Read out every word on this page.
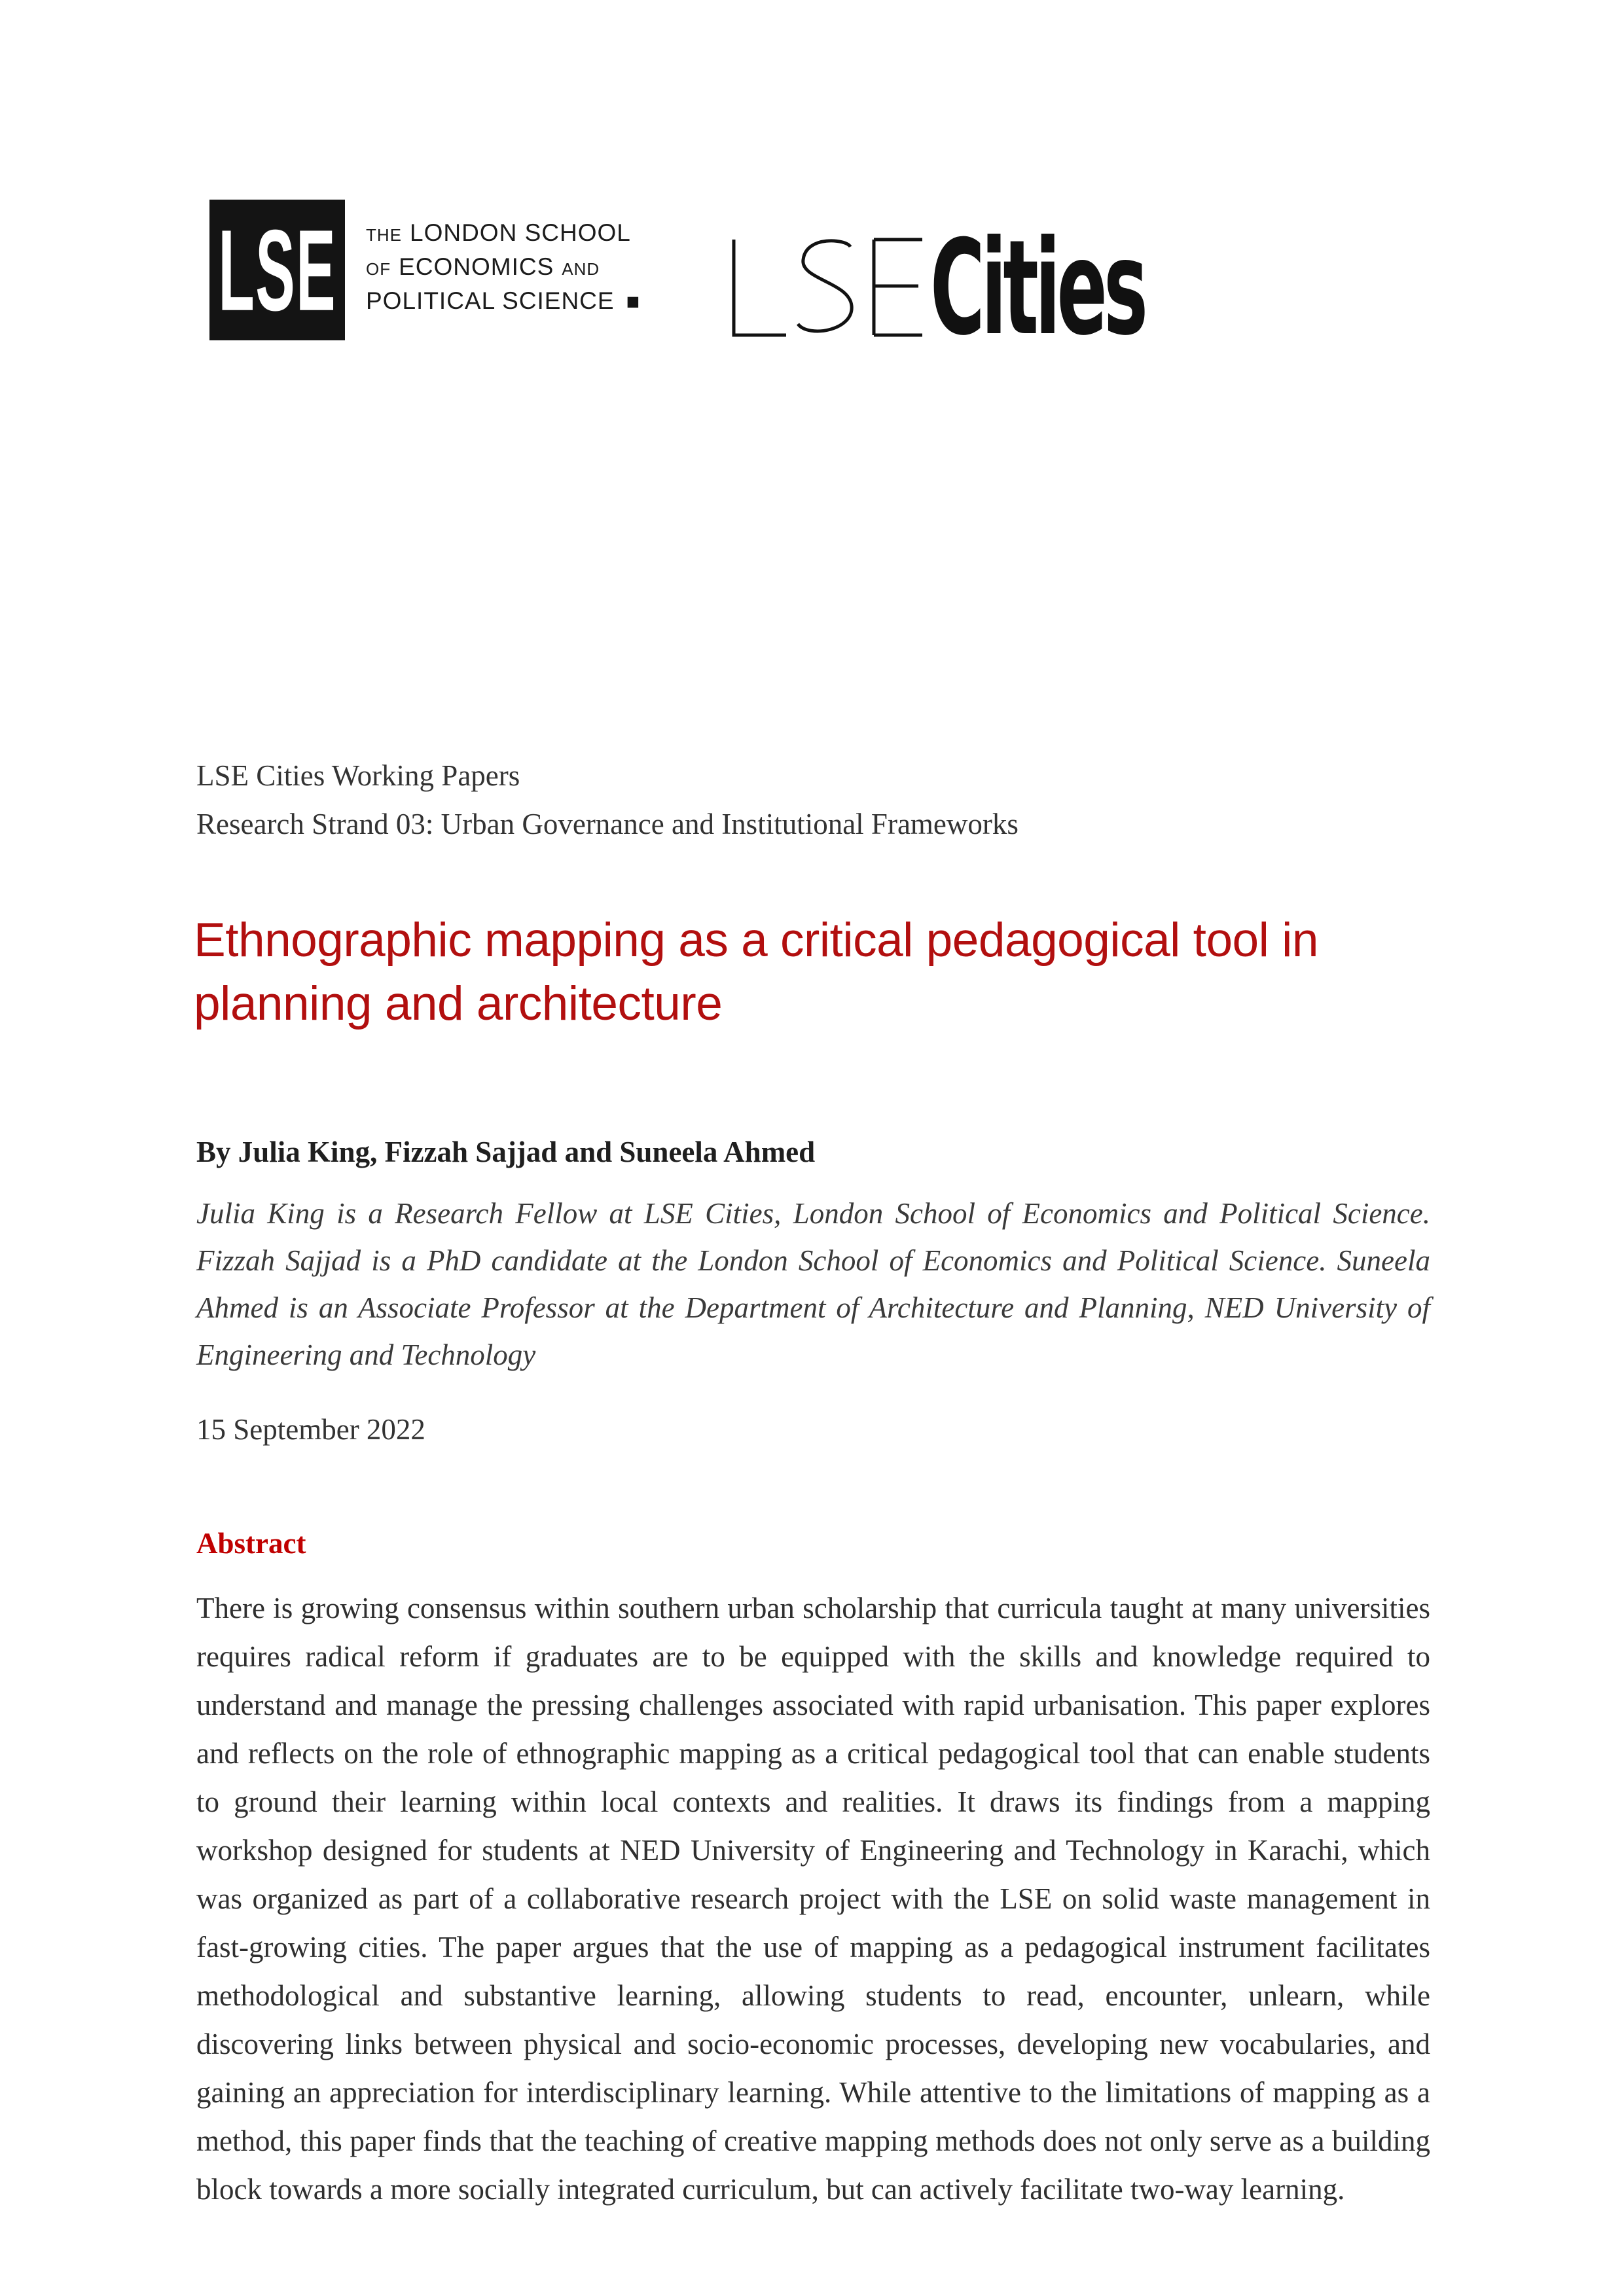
LSE THE LONDON SCHOOL
OF ECONOMICS AND
POLITICAL SCIENCE ■ Cities
LSE Cities Working Papers
Research Strand 03: Urban Governance and Institutional Frameworks
Ethnographic mapping as a critical pedagogical tool in planning and architecture
By Julia King, Fizzah Sajjad and Suneela Ahmed
Julia King is a Research Fellow at LSE Cities, London School of Economics and Political Science. Fizzah Sajjad is a PhD candidate at the London School of Economics and Political Science. Suneela Ahmed is an Associate Professor at the Department of Architecture and Planning, NED University of Engineering and Technology
15 September 2022
Abstract
There is growing consensus within southern urban scholarship that curricula taught at many universities requires radical reform if graduates are to be equipped with the skills and knowledge required to understand and manage the pressing challenges associated with rapid urbanisation. This paper explores and reflects on the role of ethnographic mapping as a critical pedagogical tool that can enable students to ground their learning within local contexts and realities. It draws its findings from a mapping workshop designed for students at NED University of Engineering and Technology in Karachi, which was organized as part of a collaborative research project with the LSE on solid waste management in fast-growing cities. The paper argues that the use of mapping as a pedagogical instrument facilitates methodological and substantive learning, allowing students to read, encounter, unlearn, while discovering links between physical and socio-economic processes, developing new vocabularies, and gaining an appreciation for interdisciplinary learning. While attentive to the limitations of mapping as a method, this paper finds that the teaching of creative mapping methods does not only serve as a building block towards a more socially integrated curriculum, but can actively facilitate two-way learning.
